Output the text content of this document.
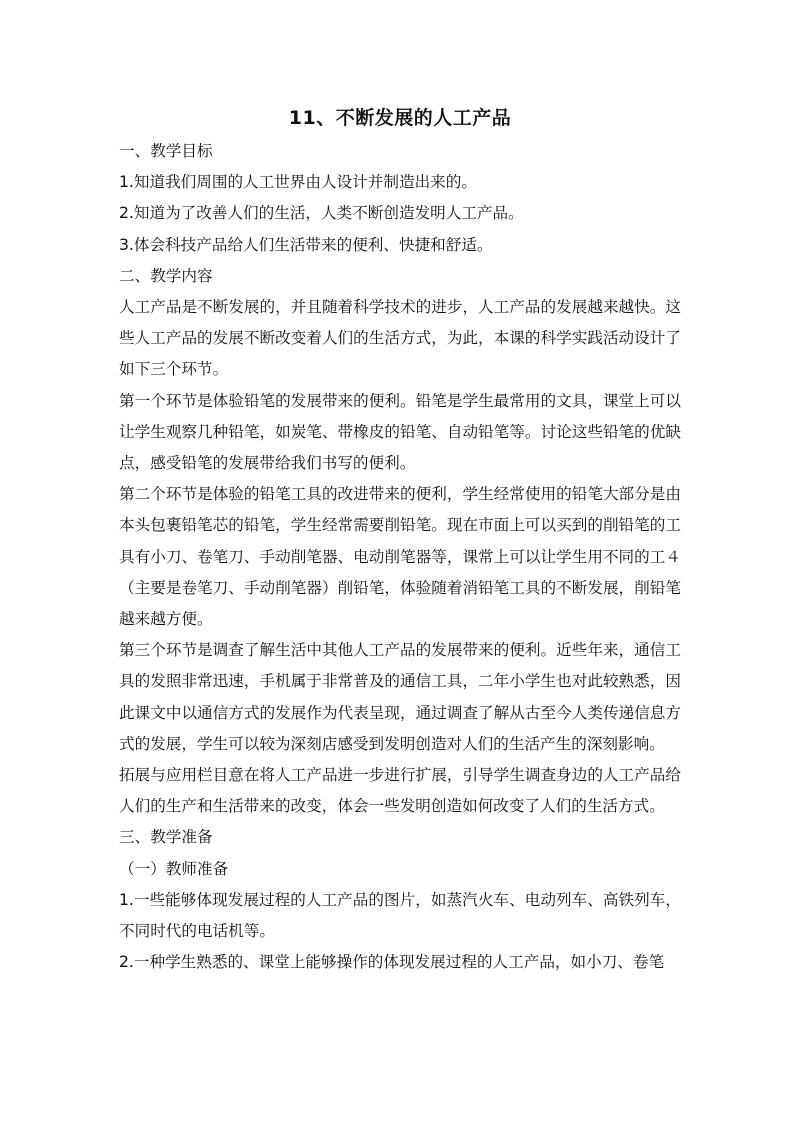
11、不断发展的人工产品
一、教学目标
1.知道我们周围的人工世界由人设计并制造出来的。
2.知道为了改善人们的生活，人类不断创造发明人工产品。
3.体会科技产品给人们生活带来的便利、快捷和舒适。
二、教学内容
人工产品是不断发展的，并且随着科学技术的进步，人工产品的发展越来越快。这些人工产品的发展不断改变着人们的生活方式，为此，本课的科学实践活动设计了如下三个环节。
第一个环节是体验铅笔的发展带来的便利。铅笔是学生最常用的文具，课堂上可以让学生观察几种铅笔，如炭笔、带橡皮的铅笔、自动铅笔等。讨论这些铅笔的优缺点，感受铅笔的发展带给我们书写的便利。
第二个环节是体验的铅笔工具的改进带来的便利，学生经常使用的铅笔大部分是由本头包裹铅笔芯的铅笔，学生经常需要削铅笔。现在市面上可以买到的削铅笔的工具有小刀、卷笔刀、手动削笔器、电动削笔器等，课常上可以让学生用不同的工４（主要是卷笔刀、手动削笔器）削铅笔，体验随着消铅笔工具的不断发展，削铅笔越来越方便。
第三个环节是调查了解生活中其他人工产品的发展带来的便利。近些年来，通信工具的发照非常迅速，手机属于非常普及的通信工具，二年小学生也对此较熟悉，因此课文中以通信方式的发展作为代表呈现，通过调查了解从古至今人类传递信息方式的发展，学生可以较为深刻店感受到发明创造对人们的生活产生的深刻影响。
拓展与应用栏目意在将人工产品进一步进行扩展，引导学生调查身边的人工产品给人们的生产和生活带来的改变，体会一些发明创造如何改变了人们的生活方式。
三、教学准备
（一）教师准备
1.一些能够体现发展过程的人工产品的图片，如蒸汽火车、电动列车、高铁列车，不同时代的电话机等。
2.一种学生熟悉的、课堂上能够操作的体现发展过程的人工产品，如小刀、卷笔
